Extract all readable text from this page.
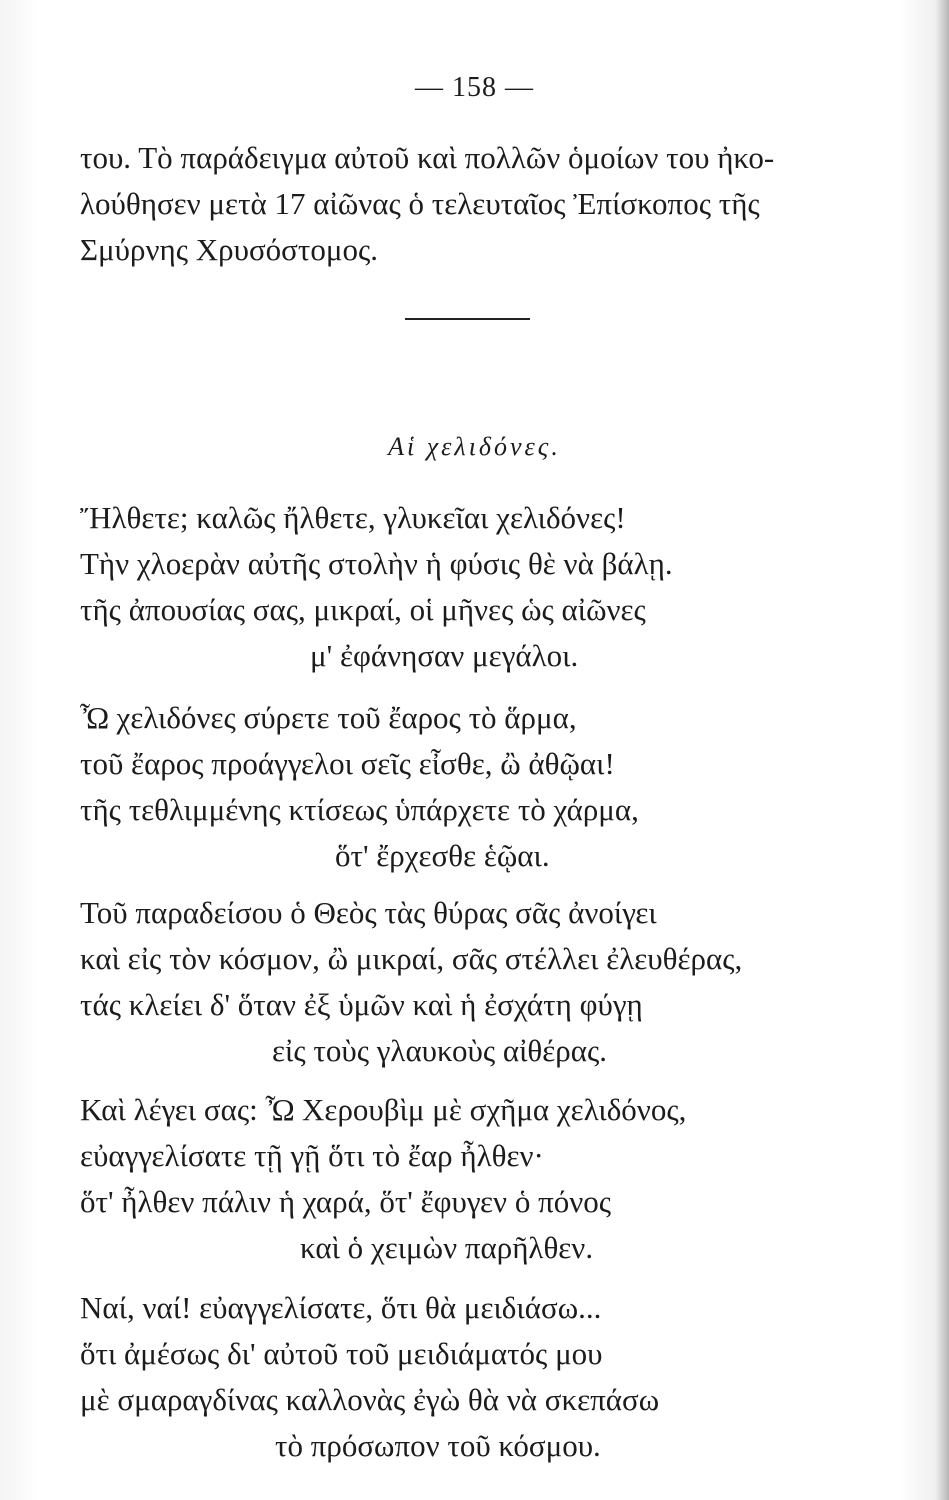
— 158 —
του. Τὸ παράδειγμα αὐτοῦ καὶ πολλῶν ὁμοίων του ἠκο-
λούθησεν μετὰ 17 αἰῶνας ὁ τελευταῖος Ἐπίσκοπος τῆς
Σμύρνης Χρυσόστομος.
Αἱ χελιδόνες.
Ἤλθετε; καλῶς ἤλθετε, γλυκεῖαι χελιδόνες!
Τὴν χλοερὰν αὐτῆς στολὴν ἡ φύσις θὲ νὰ βάλῃ.
τῆς ἀπουσίας σας, μικραί, οἱ μῆνες ὡς αἰῶνες
μ' ἐφάνησαν μεγάλοι.
Ὦ χελιδόνες σύρετε τοῦ ἔαρος τὸ ἅρμα,
τοῦ ἔαρος προάγγελοι σεῖς εἶσθε, ὢ ἀθῷαι!
τῆς τεθλιμμένης κτίσεως ὑπάρχετε τὸ χάρμα,
ὅτ' ἔρχεσθε ἑῷαι.
Τοῦ παραδείσου ὁ Θεὸς τὰς θύρας σᾶς ἀνοίγει
καὶ εἰς τὸν κόσμον, ὢ μικραί, σᾶς στέλλει ἐλευθέρας,
τάς κλείει δ' ὅταν ἐξ ὑμῶν καὶ ἡ ἐσχάτη φύγῃ
εἰς τοὺς γλαυκοὺς αἰθέρας.
Καὶ λέγει σας: Ὦ Χερουβὶμ μὲ σχῆμα χελιδόνος,
εὐαγγελίσατε τῇ γῇ ὅτι τὸ ἔαρ ἦλθεν·
ὅτ' ἦλθεν πάλιν ἡ χαρά, ὅτ' ἔφυγεν ὁ πόνος
καὶ ὁ χειμὼν παρῆλθεν.
Ναί, ναί! εὐαγγελίσατε, ὅτι θὰ μειδιάσω...
ὅτι ἀμέσως δι' αὐτοῦ τοῦ μειδιάματός μου
μὲ σμαραγδίνας καλλονὰς ἐγὼ θὰ νὰ σκεπάσω
τὸ πρόσωπον τοῦ κόσμου.
